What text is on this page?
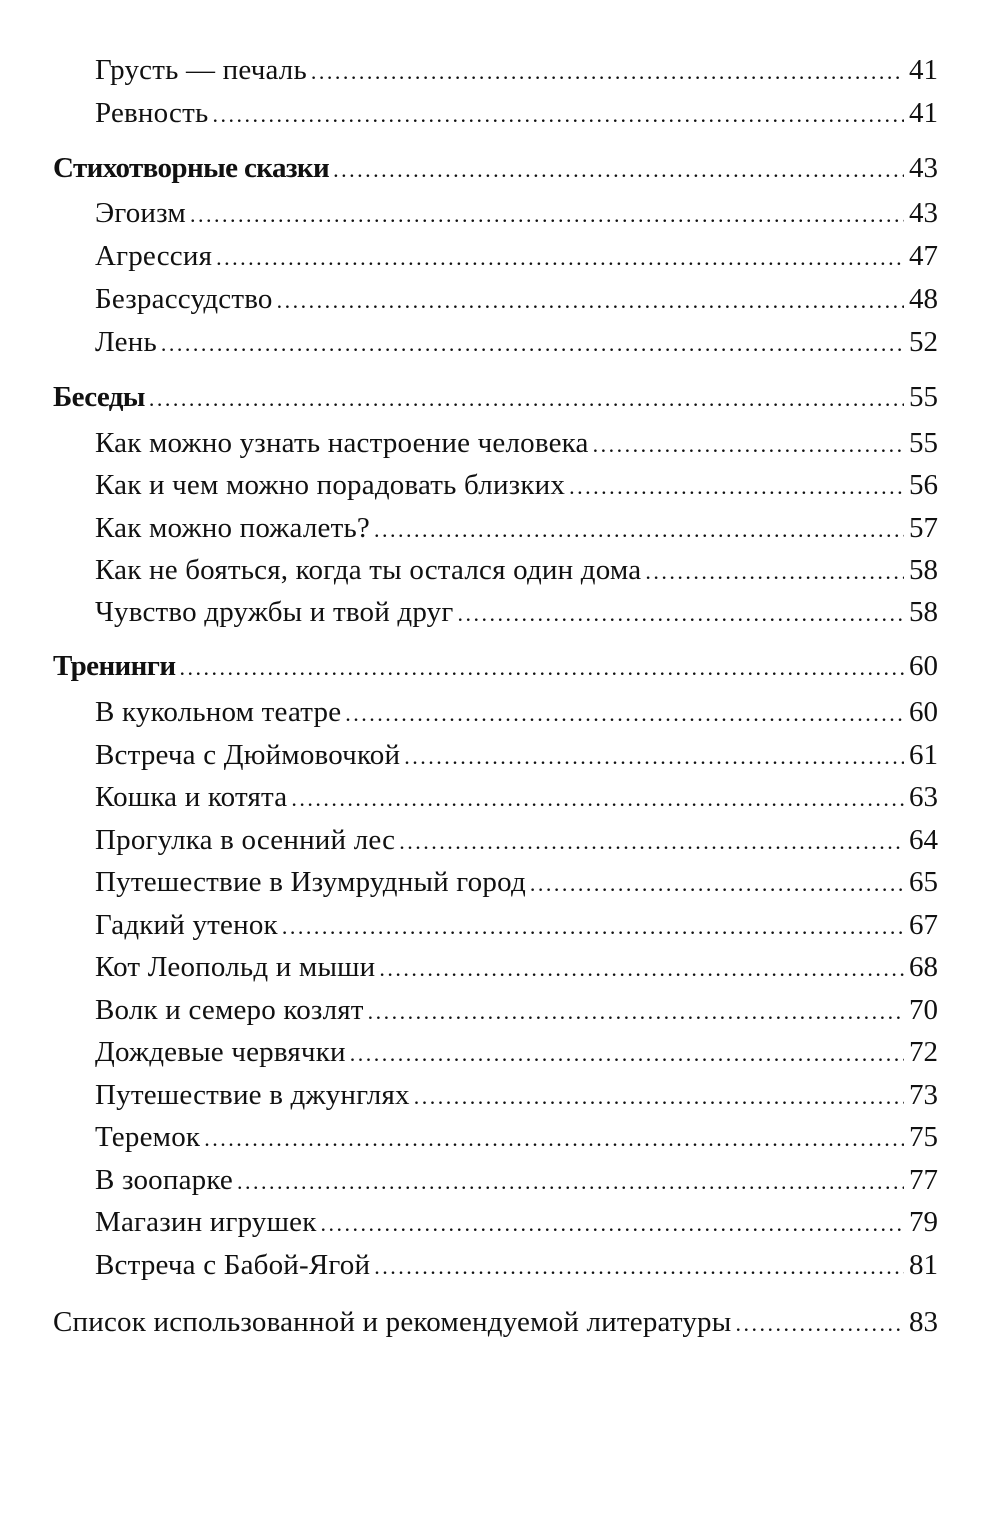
Грусть — печаль .....	41
Ревность .....	41
Стихотворные сказки .....	43
Эгоизм .....	43
Агрессия .....	47
Безрассудство .....	48
Лень .....	52
Беседы .....	55
Как можно узнать настроение человека .....	55
Как и чем можно порадовать близких .....	56
Как можно пожалеть? .....	57
Как не бояться, когда ты остался один дома .....	58
Чувство дружбы и твой друг .....	58
Тренинги .....	60
В кукольном театре .....	60
Встреча с Дюймовочкой .....	61
Кошка и котята .....	63
Прогулка в осенний лес .....	64
Путешествие в Изумрудный город .....	65
Гадкий утенок .....	67
Кот Леопольд и мыши .....	68
Волк и семеро козлят .....	70
Дождевые червячки .....	72
Путешествие в джунглях .....	73
Теремок .....	75
В зоопарке .....	77
Магазин игрушек .....	79
Встреча с Бабой-Ягой .....	81
Список использованной и рекомендуемой литературы .....	83
